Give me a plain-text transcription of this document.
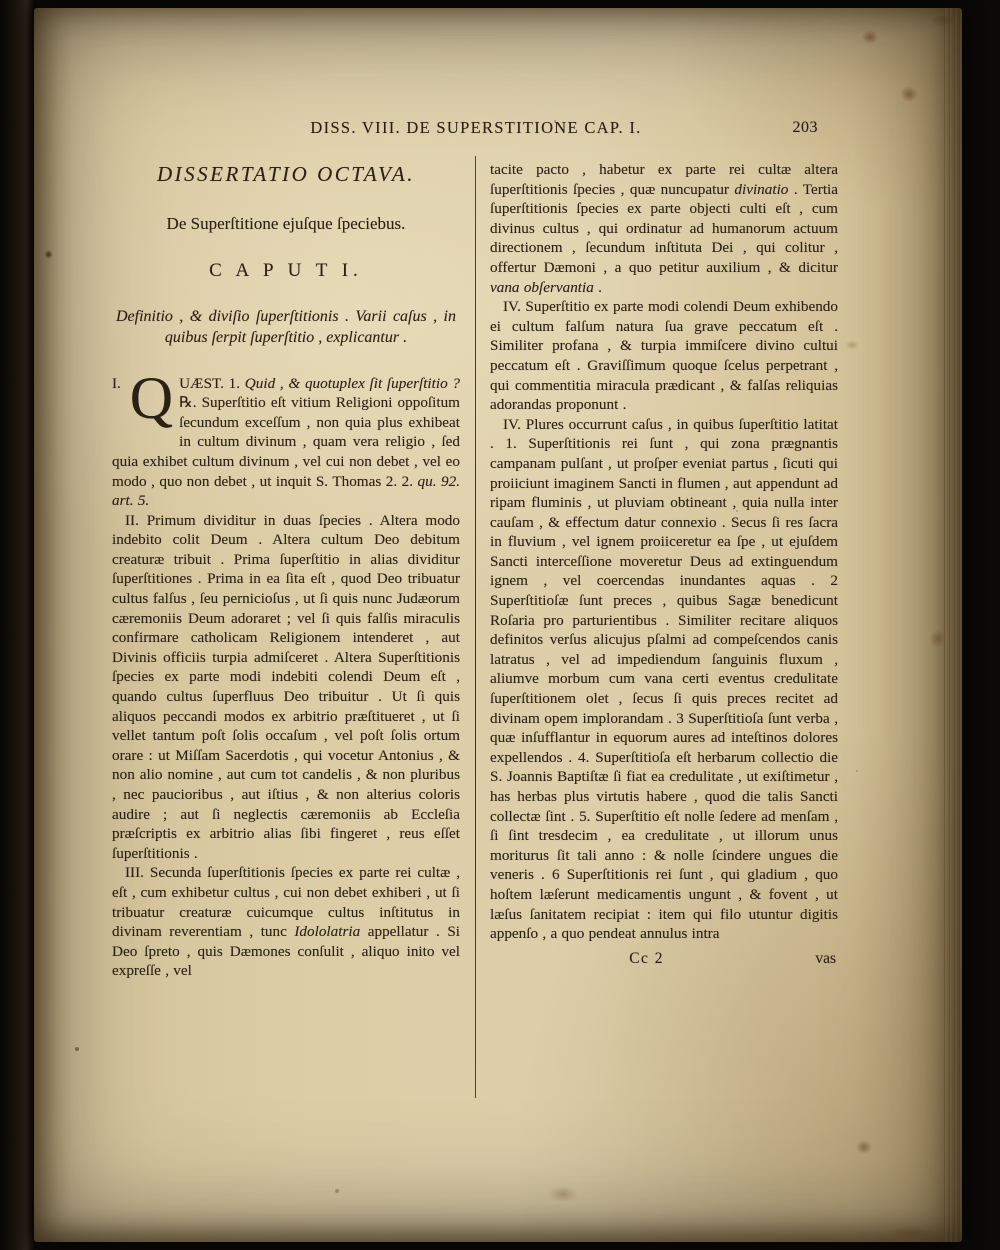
DISS. VIII. DE SUPERSTITIONE CAP. I.	203
DISSERTATIO OCTAVA.
De Superſtitione ejuſque ſpeciebus.
C A P U T I.
Definitio , & diviſio ſuperſtitionis . Varii caſus , in quibus ſerpit ſuperſtitio , explicantur .

I. Q UÆST. 1. Quid , & quotuplex ſit ſuperſtitio ? ℞. Superſtitio eſt vitium Religioni oppoſitum ſecundum exceſſum , non quia plus exhibeat in cultum divinum , quam vera religio , ſed quia exhibet cultum divinum , vel cui non debet , vel eo modo , quo non debet , ut inquit S. Thomas 2. 2. qu. 92. art. 5.

II. Primum dividitur in duas ſpecies . Altera modo indebito colit Deum . Altera cultum Deo debitum creaturæ tribuit . Prima ſuperſtitio in alias dividitur ſuperſtitiones . Prima in ea ſita eſt , quod Deo tribuatur cultus falſus , ſeu pernicioſus , ut ſi quis nunc Judæorum cæremoniis Deum adoraret ; vel ſi quis falſis miraculis confirmare catholicam Religionem intenderet , aut Divinis officiis turpia admiſceret . Altera Superſtitionis ſpecies ex parte modi indebiti colendi Deum eſt , quando cultus ſuperfluus Deo tribuitur . Ut ſi quis aliquos peccandi modos ex arbitrio præſtitueret , ut ſi vellet tantum poſt ſolis occaſum , vel poſt ſolis ortum orare : ut Miſſam Sacerdotis , qui vocetur Antonius , & non alio nomine , aut cum tot candelis , & non pluribus , nec paucioribus , aut iſtius , & non alterius coloris audire ; aut ſi neglectis cæremoniis ab Eccleſia præſcriptis ex arbitrio alias ſibi fingeret , reus eſſet ſuperſtitionis .

III. Secunda ſuperſtitionis ſpecies ex parte rei cultæ , eſt , cum exhibetur cultus , cui non debet exhiberi , ut ſi tribuatur creaturæ cuicumque cultus inſtitutus in divinam reverentiam , tunc Idololatria appellatur . Si Deo ſpreto , quis Dæmones conſulit , aliquo inito vel expreſſe , vel

tacite pacto , habetur ex parte rei cultæ altera ſuperſtitionis ſpecies , quæ nuncupatur divinatio . Tertia ſuperſtitionis ſpecies ex parte objecti culti eſt , cum divinus cultus , qui ordinatur ad humanorum actuum directionem , ſecundum inſtituta Dei , qui colitur , offertur Dæmoni , a quo petitur auxilium , & dicitur vana obſervantia .

IV. Superſtitio ex parte modi colendi Deum exhibendo ei cultum falſum natura ſua grave peccatum eſt . Similiter profana , & turpia immiſcere divino cultui peccatum eſt . Graviſſimum quoque ſcelus perpetrant , qui commentitia miracula prædicant , & falſas reliquias adorandas proponunt .

IV. Plures occurrunt caſus , in quibus ſuperſtitio latitat . 1. Superſtitionis rei ſunt , qui zona prægnantis campanam pulſant , ut proſper eveniat partus , ſicuti qui proiiciunt imaginem Sancti in flumen , aut appendunt ad ripam fluminis , ut pluviam obtineant , quia nulla inter cauſam , & effectum datur connexio . Secus ſi res ſacra in fluvium , vel ignem proiiceretur ea ſpe , ut ejuſdem Sancti interceſſione moveretur Deus ad extinguendum ignem , vel coercendas inundantes aquas . 2 Superſtitioſæ ſunt preces , quibus Sagæ benedicunt Roſaria pro parturientibus . Similiter recitare aliquos definitos verſus alicujus pſalmi ad compeſcendos canis latratus , vel ad impediendum ſanguinis fluxum , aliumve morbum cum vana certi eventus credulitate ſuperſtitionem olet , ſecus ſi quis preces recitet ad divinam opem implorandam . 3 Superſtitioſa ſunt verba , quæ inſufflantur in equorum aures ad inteſtinos dolores expellendos . 4. Superſtitioſa eſt herbarum collectio die S. Joannis Baptiſtæ ſi fiat ea credulitate , ut exiſtimetur , has herbas plus virtutis habere , quod die talis Sancti collectæ ſint . 5. Superſtitio eſt nolle ſedere ad menſam , ſi ſint tresdecim , ea credulitate , ut illorum unus moriturus ſit tali anno : & nolle ſcindere ungues die veneris . 6 Superſtitionis rei ſunt , qui gladium , quo hoſtem læſerunt medicamentis ungunt , & fovent , ut læſus ſanitatem recipiat : item qui filo utuntur digitis appenſo , a quo pendeat annulus intra

Cc 2	vas
